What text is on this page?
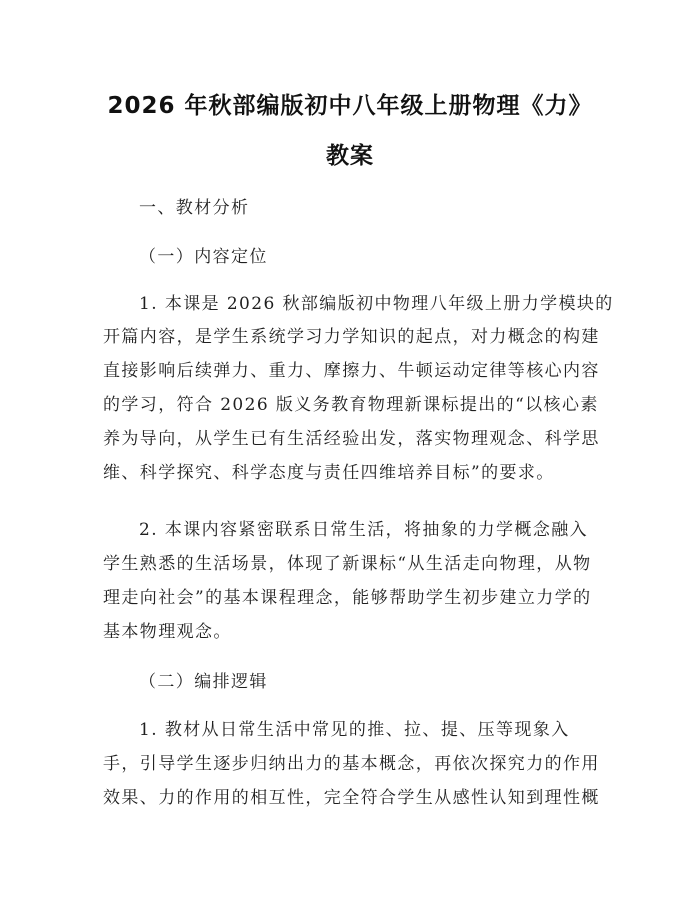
2026 年秋部编版初中八年级上册物理《力》
教案
一、教材分析
（一）内容定位
1. 本课是 2026 秋部编版初中物理八年级上册力学模块的
开篇内容，是学生系统学习力学知识的起点，对力概念的构建
直接影响后续弹力、重力、摩擦力、牛顿运动定律等核心内容
的学习，符合 2026 版义务教育物理新课标提出的“以核心素
养为导向，从学生已有生活经验出发，落实物理观念、科学思
维、科学探究、科学态度与责任四维培养目标”的要求。
2. 本课内容紧密联系日常生活，将抽象的力学概念融入
学生熟悉的生活场景，体现了新课标“从生活走向物理，从物
理走向社会”的基本课程理念，能够帮助学生初步建立力学的
基本物理观念。
（二）编排逻辑
1. 教材从日常生活中常见的推、拉、提、压等现象入
手，引导学生逐步归纳出力的基本概念，再依次探究力的作用
效果、力的作用的相互性，完全符合学生从感性认知到理性概
